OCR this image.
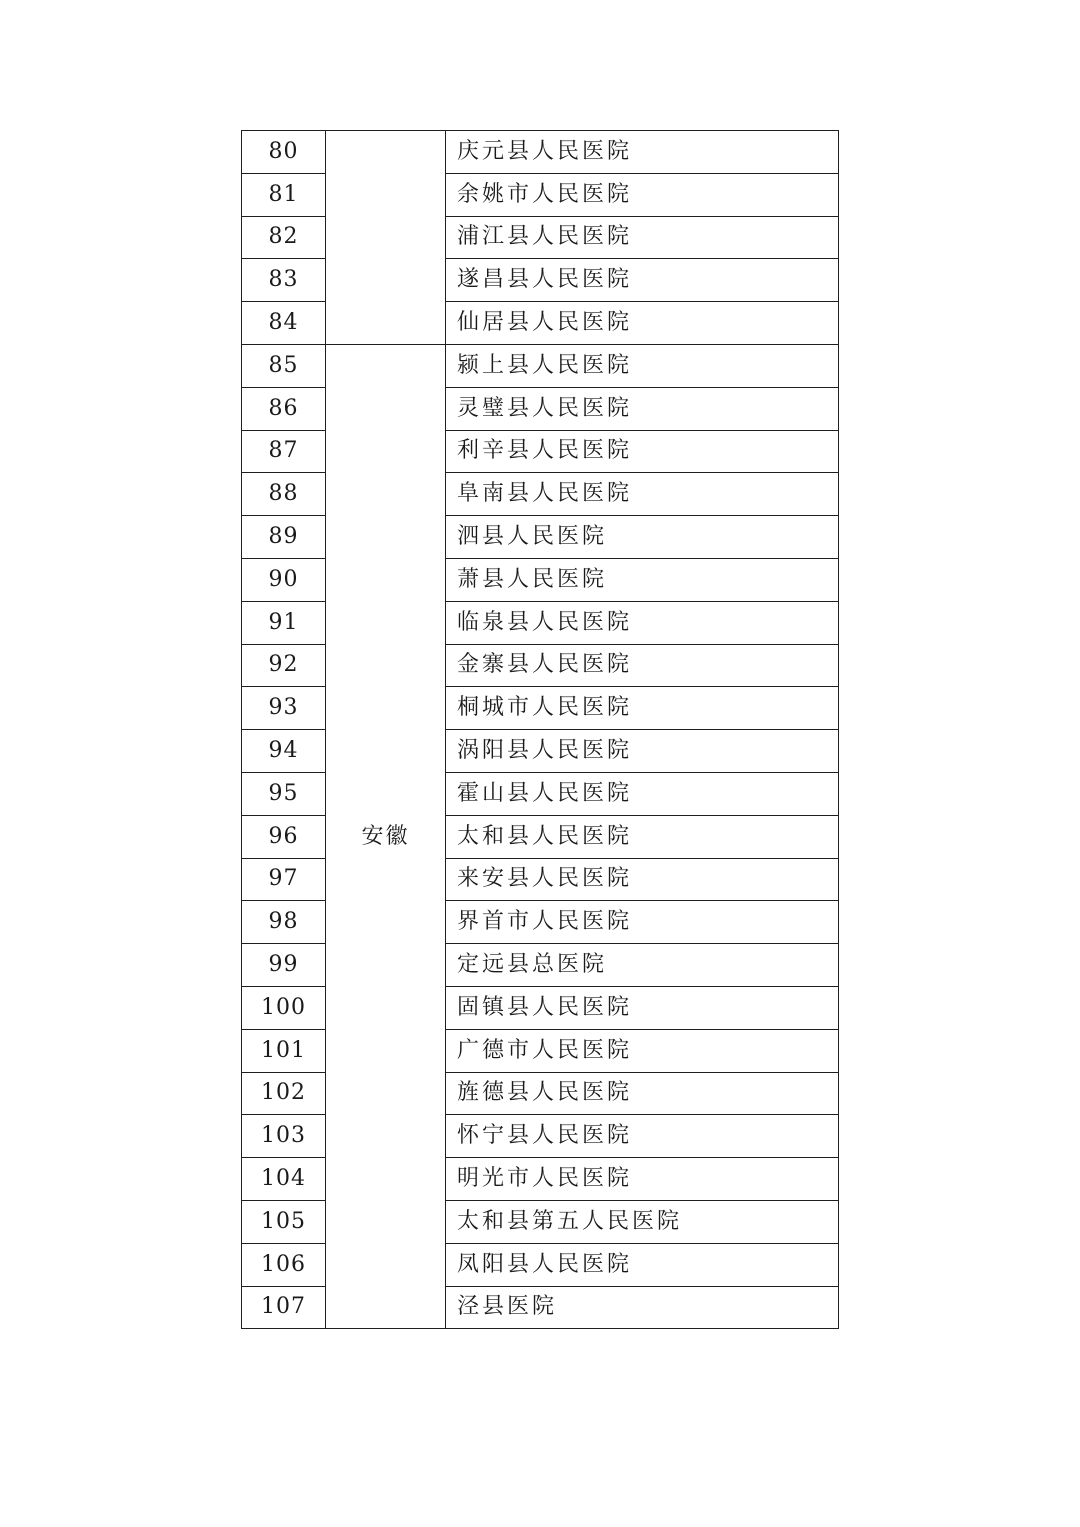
80		庆元县人民医院
81		余姚市人民医院
82		浦江县人民医院
83		遂昌县人民医院
84		仙居县人民医院
85	安徽	颍上县人民医院
86		灵璧县人民医院
87		利辛县人民医院
88		阜南县人民医院
89		泗县人民医院
90		萧县人民医院
91		临泉县人民医院
92		金寨县人民医院
93		桐城市人民医院
94		涡阳县人民医院
95		霍山县人民医院
96		太和县人民医院
97		来安县人民医院
98		界首市人民医院
99		定远县总医院
100		固镇县人民医院
101		广德市人民医院
102		旌德县人民医院
103		怀宁县人民医院
104		明光市人民医院
105		太和县第五人民医院
106		凤阳县人民医院
107		泾县医院
